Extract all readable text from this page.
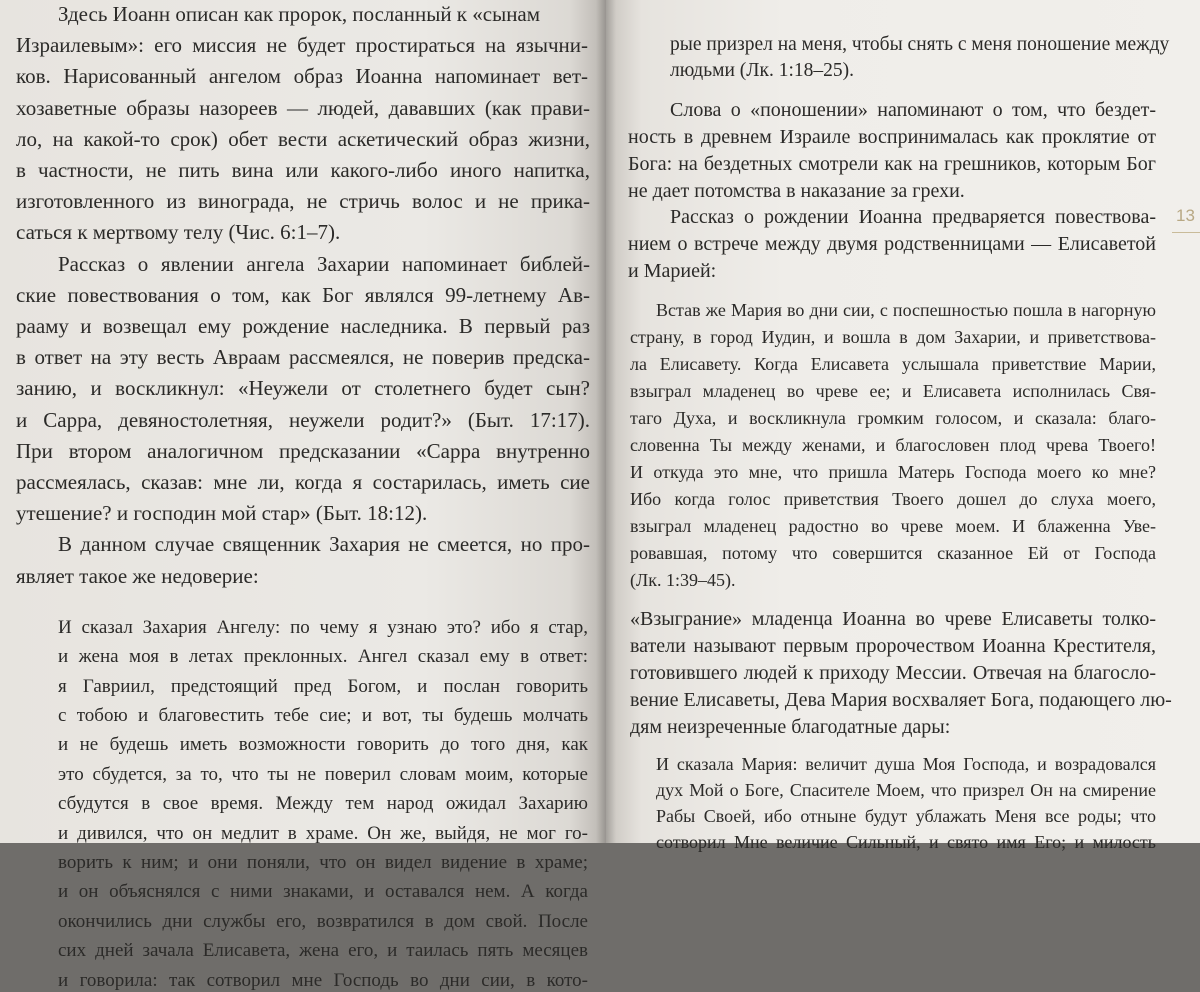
Здесь Иоанн описан как пророк, посланный к «сынам
Израилевым»: его миссия не будет простираться на язычни-
ков. Нарисованный ангелом образ Иоанна напоминает вет-
хозаветные образы назореев — людей, дававших (как прави-
ло, на какой-то срок) обет вести аскетический образ жизни,
в частности, не пить вина или какого-либо иного напитка,
изготовленного из винограда, не стричь волос и не прика-
саться к мертвому телу (Чис. 6:1–7).
Рассказ о явлении ангела Захарии напоминает библей-
ские повествования о том, как Бог являлся 99-летнему Ав-
рааму и возвещал ему рождение наследника. В первый раз
в ответ на эту весть Авраам рассмеялся, не поверив предска-
занию, и воскликнул: «Неужели от столетнего будет сын?
и Сарра, девяностолетняя, неужели родит?» (Быт. 17:17).
При втором аналогичном предсказании «Сарра внутренно
рассмеялась, сказав: мне ли, когда я состарилась, иметь сие
утешение? и господин мой стар» (Быт. 18:12).
В данном случае священник Захария не смеется, но про-
являет такое же недоверие:
И сказал Захария Ангелу: по чему я узнаю это? ибо я стар,
и жена моя в летах преклонных. Ангел сказал ему в ответ:
я Гавриил, предстоящий пред Богом, и послан говорить
с тобою и благовестить тебе сие; и вот, ты будешь молчать
и не будешь иметь возможности говорить до того дня, как
это сбудется, за то, что ты не поверил словам моим, которые
сбудутся в свое время. Между тем народ ожидал Захарию
и дивился, что он медлит в храме. Он же, выйдя, не мог го-
ворить к ним; и они поняли, что он видел видение в храме;
и он объяснялся с ними знаками, и оставался нем. А когда
окончились дни службы его, возвратился в дом свой. После
сих дней зачала Елисавета, жена его, и таилась пять месяцев
и говорила: так сотворил мне Господь во дни сии, в кото-
рые призрел на меня, чтобы снять с меня поношение между
людьми (Лк. 1:18–25).
Слова о «поношении» напоминают о том, что бездет-
ность в древнем Израиле воспринималась как проклятие от
Бога: на бездетных смотрели как на грешников, которым Бог
не дает потомства в наказание за грехи.
Рассказ о рождении Иоанна предваряется повествова-
нием о встрече между двумя родственницами — Елисаветой
и Марией:
Встав же Мария во дни сии, с поспешностью пошла в нагорную
страну, в город Иудин, и вошла в дом Захарии, и приветствова-
ла Елисавету. Когда Елисавета услышала приветствие Марии,
взыграл младенец во чреве ее; и Елисавета исполнилась Свя-
таго Духа, и воскликнула громким голосом, и сказала: благо-
словенна Ты между женами, и благословен плод чрева Твоего!
И откуда это мне, что пришла Матерь Господа моего ко мне?
Ибо когда голос приветствия Твоего дошел до слуха моего,
взыграл младенец радостно во чреве моем. И блаженна Уве-
ровавшая, потому что совершится сказанное Ей от Господа
(Лк. 1:39–45).
«Взыграние» младенца Иоанна во чреве Елисаветы толко-
ватели называют первым пророчеством Иоанна Крестителя,
готовившего людей к приходу Мессии. Отвечая на благосло-
вение Елисаветы, Дева Мария восхваляет Бога, подающего лю-
дям неизреченные благодатные дары:
И сказала Мария: величит душа Моя Господа, и возрадовался
дух Мой о Боге, Спасителе Моем, что призрел Он на смирение
Рабы Своей, ибо отныне будут ублажать Меня все роды; что
сотворил Мне величие Сильный, и свято имя Его; и милость
13
